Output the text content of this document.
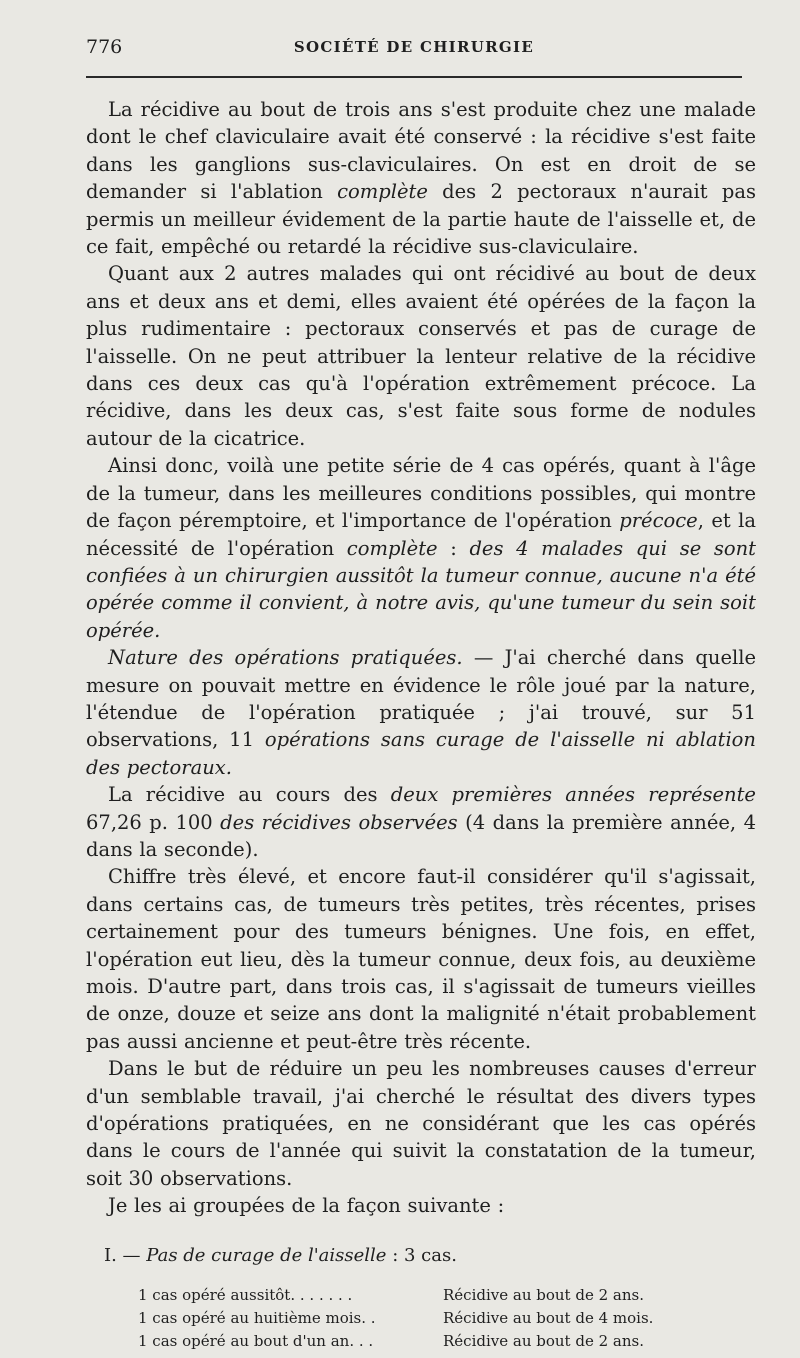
776	SOCIÉTÉ DE CHIRURGIE

La récidive au bout de trois ans s'est produite chez une malade dont le chef claviculaire avait été conservé : la récidive s'est faite dans les ganglions sus-claviculaires. On est en droit de se demander si l'ablation complète des 2 pectoraux n'aurait pas permis un meilleur évidement de la partie haute de l'aisselle et, de ce fait, empêché ou retardé la récidive sus-claviculaire.

Quant aux 2 autres malades qui ont récidivé au bout de deux ans et deux ans et demi, elles avaient été opérées de la façon la plus rudimentaire : pectoraux conservés et pas de curage de l'aisselle. On ne peut attribuer la lenteur relative de la récidive dans ces deux cas qu'à l'opération extrêmement précoce. La récidive, dans les deux cas, s'est faite sous forme de nodules autour de la cicatrice.

Ainsi donc, voilà une petite série de 4 cas opérés, quant à l'âge de la tumeur, dans les meilleures conditions possibles, qui montre de façon péremptoire, et l'importance de l'opération précoce, et la nécessité de l'opération complète : des 4 malades qui se sont confiées à un chirurgien aussitôt la tumeur connue, aucune n'a été opérée comme il convient, à notre avis, qu'une tumeur du sein soit opérée.

Nature des opérations pratiquées. — J'ai cherché dans quelle mesure on pouvait mettre en évidence le rôle joué par la nature, l'étendue de l'opération pratiquée ; j'ai trouvé, sur 51 observations, 11 opérations sans curage de l'aisselle ni ablation des pectoraux.

La récidive au cours des deux premières années représente 67,26 p. 100 des récidives observées (4 dans la première année, 4 dans la seconde).

Chiffre très élevé, et encore faut-il considérer qu'il s'agissait, dans certains cas, de tumeurs très petites, très récentes, prises certainement pour des tumeurs bénignes. Une fois, en effet, l'opération eut lieu, dès la tumeur connue, deux fois, au deuxième mois. D'autre part, dans trois cas, il s'agissait de tumeurs vieilles de onze, douze et seize ans dont la malignité n'était probablement pas aussi ancienne et peut-être très récente.

Dans le but de réduire un peu les nombreuses causes d'erreur d'un semblable travail, j'ai cherché le résultat des divers types d'opérations pratiquées, en ne considérant que les cas opérés dans le cours de l'année qui suivit la constatation de la tumeur, soit 30 observations.

Je les ai groupées de la façon suivante :

I. — Pas de curage de l'aisselle : 3 cas.
1 cas opéré aussitôt. . . . . . .	Récidive au bout de 2 ans.
1 cas opéré au huitième mois. .	Récidive au bout de 4 mois.
1 cas opéré au bout d'un an. . .	Récidive au bout de 2 ans.
